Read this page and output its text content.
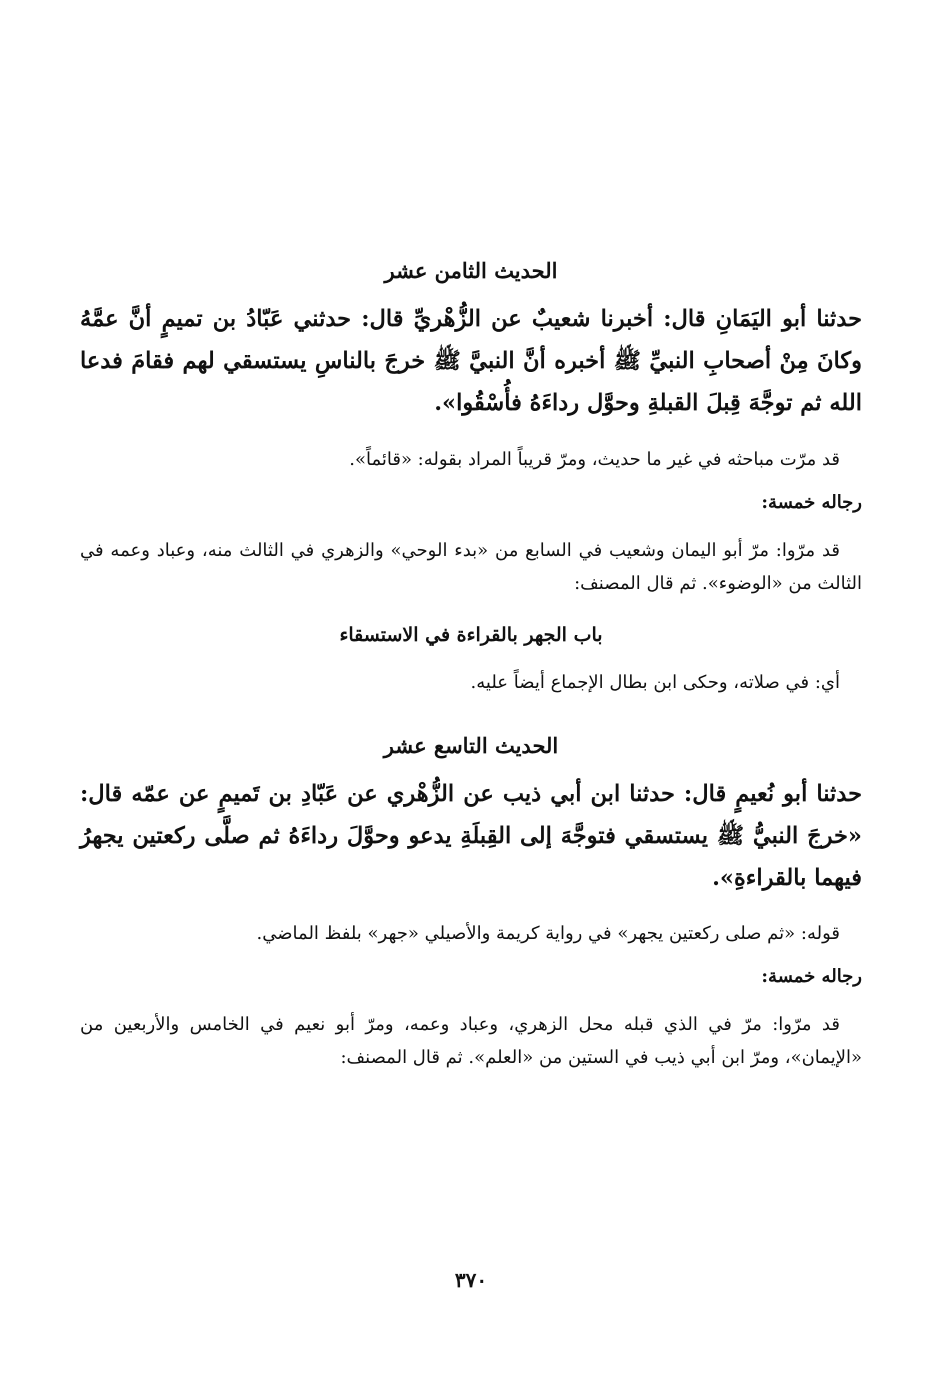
الحديث الثامن عشر
حدثنا أبو اليَمَانِ قال: أخبرنا شعيبٌ عن الزُّهْريِّ قال: حدثني عَبّادُ بن تميمٍ أنَّ عمَّهُ وكانَ مِنْ أصحابِ النبيِّ ﷺ أخبره أنَّ النبيَّ ﷺ خرجَ بالناسِ يستسقي لهم فقامَ فدعا الله ثم توجَّهَ قِبلَ القبلةِ وحوَّل رداءَهُ فأُسْقُوا».
قد مرّت مباحثه في غير ما حديث، ومرّ قريباً المراد بقوله: «قائماً».
رجاله خمسة:
قد مرّوا: مرّ أبو اليمان وشعيب في السابع من «بدء الوحي» والزهري في الثالث منه، وعباد وعمه في الثالث من «الوضوء». ثم قال المصنف:
باب الجهر بالقراءة في الاستسقاء
أي: في صلاته، وحكى ابن بطال الإجماع أيضاً عليه.
الحديث التاسع عشر
حدثنا أبو نُعيمٍ قال: حدثنا ابن أبي ذيب عن الزُّهْري عن عَبّادِ بن تَميمٍ عن عمّه قال: «خرجَ النبيُّ ﷺ يستسقي فتوجَّهَ إلى القِبلَةِ يدعو وحوَّلَ رداءَهُ ثم صلَّى ركعتين يجهرُ فيهما بالقراءةِ».
قوله: «ثم صلى ركعتين يجهر» في رواية كريمة والأصيلي «جهر» بلفظ الماضي.
رجاله خمسة:
قد مرّوا: مرّ في الذي قبله محل الزهري، وعباد وعمه، ومرّ أبو نعيم في الخامس والأربعين من «الإيمان»، ومرّ ابن أبي ذيب في الستين من «العلم». ثم قال المصنف:
٣٧٠
